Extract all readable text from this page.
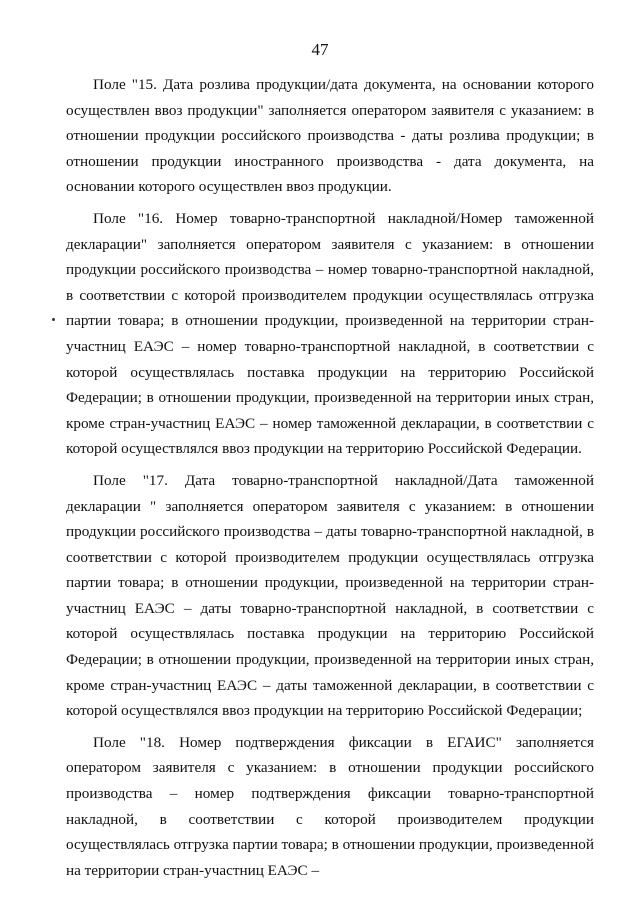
47

Поле "15. Дата розлива продукции/дата документа, на основании которого осуществлен ввоз продукции" заполняется оператором заявителя с указанием: в отношении продукции российского производства - даты розлива продукции; в отношении продукции иностранного производства - дата документа, на основании которого осуществлен ввоз продукции.

Поле "16. Номер товарно-транспортной накладной/Номер таможенной декларации" заполняется оператором заявителя с указанием: в отношении продукции российского производства – номер товарно-транспортной накладной, в соответствии с которой производителем продукции осуществлялась отгрузка партии товара; в отношении продукции, произведенной на территории стран-участниц ЕАЭС – номер товарно-транспортной накладной, в соответствии с которой осуществлялась поставка продукции на территорию Российской Федерации; в отношении продукции, произведенной на территории иных стран, кроме стран-участниц ЕАЭС – номер таможенной декларации, в соответствии с которой осуществлялся ввоз продукции на территорию Российской Федерации.

Поле "17. Дата товарно-транспортной накладной/Дата таможенной декларации " заполняется оператором заявителя с указанием: в отношении продукции российского производства – даты товарно-транспортной накладной, в соответствии с которой производителем продукции осуществлялась отгрузка партии товара; в отношении продукции, произведенной на территории стран-участниц ЕАЭС – даты товарно-транспортной накладной, в соответствии с которой осуществлялась поставка продукции на территорию Российской Федерации; в отношении продукции, произведенной на территории иных стран, кроме стран-участниц ЕАЭС – даты таможенной декларации, в соответствии с которой осуществлялся ввоз продукции на территорию Российской Федерации;

Поле "18. Номер подтверждения фиксации в ЕГАИС" заполняется оператором заявителя с указанием: в отношении продукции российского производства – номер подтверждения фиксации товарно-транспортной накладной, в соответствии с которой производителем продукции осуществлялась отгрузка партии товара; в отношении продукции, произведенной на территории стран-участниц ЕАЭС –
